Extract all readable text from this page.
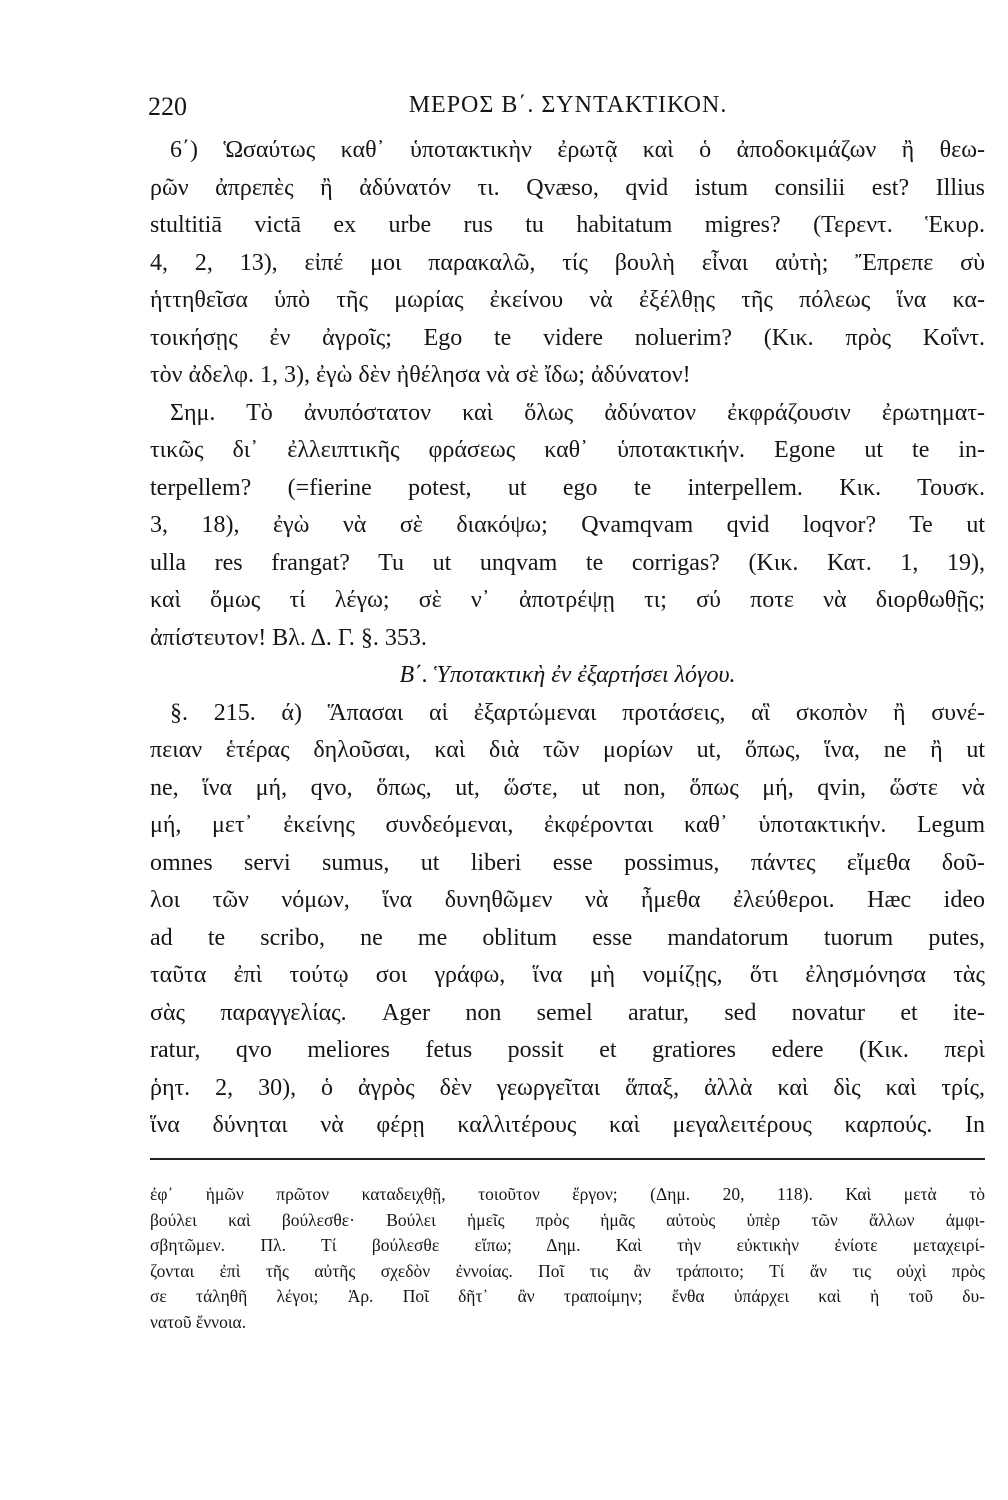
220	ΜΕΡΟΣ Β΄. ΣΥΝΤΑΚΤΙΚΟΝ.
6΄) Ὡσαύτως καθ᾽ ὑποτακτικὴν ἐρωτᾷ καὶ ὁ ἀποδοκιμάζων ἢ θεω-
ρῶν ἀπρεπὲς ἢ ἀδύνατόν τι. Qvæso, qvid istum consilii est? Illius
stultitiā victā ex urbe rus tu habitatum migres? (Τερεντ. Ἑκυρ.
4, 2, 13), εἰπέ μοι παρακαλῶ, τίς βουλὴ εἶναι αὐτὴ; Ἔπρεπε σὺ
ἡττηθεῖσα ὑπὸ τῆς μωρίας ἐκείνου νὰ ἐξέλθῃς τῆς πόλεως ἵνα κα-
τοικήσῃς ἐν ἀγροῖς; Ego te videre noluerim? (Κικ. πρὸς Κοΐντ.
τὸν ἀδελφ. 1, 3), ἐγὼ δὲν ἠθέλησα νὰ σὲ ἴδω; ἀδύνατον!
Σημ. Τὸ ἀνυπόστατον καὶ ὅλως ἀδύνατον ἐκφράζουσιν ἐρωτηματ-
τικῶς δι᾽ ἐλλειπτικῆς φράσεως καθ᾽ ὑποτακτικήν. Egone ut te in-
terpellem? (=fierine potest, ut ego te interpellem. Κικ. Τουσκ.
3, 18), ἐγὼ νὰ σὲ διακόψω; Qvamqvam qvid loqvor? Te ut
ulla res frangat? Tu ut unqvam te corrigas? (Κικ. Κατ. 1, 19),
καὶ ὅμως τί λέγω; σὲ ν᾽ ἀποτρέψῃ τι; σύ ποτε νὰ διορθωθῇς;
ἀπίστευτον! Βλ. Δ. Γ. §. 353.
Β΄. Ὑποτακτικὴ ἐν ἐξαρτήσει λόγου.
§. 215. ά) Ἅπασαι αἱ ἐξαρτώμεναι προτάσεις, αἳ σκοπὸν ἢ συνέ-
πειαν ἑτέρας δηλοῦσαι, καὶ διὰ τῶν μορίων ut, ὅπως, ἵνα, ne ἢ ut
ne, ἵνα μή, qvo, ὅπως, ut, ὥστε, ut non, ὅπως μή, qvin, ὥστε νὰ
μή, μετ᾽ ἐκείνης συνδεόμεναι, ἐκφέρονται καθ᾽ ὑποτακτικήν. Legum
omnes servi sumus, ut liberi esse possimus, πάντες εἴμεθα δοῦ-
λοι τῶν νόμων, ἵνα δυνηθῶμεν νὰ ἦμεθα ἐλεύθεροι. Hæc ideo
ad te scribo, ne me oblitum esse mandatorum tuorum putes,
ταῦτα ἐπὶ τούτῳ σοι γράφω, ἵνα μὴ νομίζῃς, ὅτι ἐλησμόνησα τὰς
σὰς παραγγελίας. Ager non semel aratur, sed novatur et ite-
ratur, qvo meliores fetus possit et gratiores edere (Κικ. περὶ
ῥητ. 2, 30), ὁ ἀγρὸς δὲν γεωργεῖται ἅπαξ, ἀλλὰ καὶ δὶς καὶ τρίς,
ἵνα δύνηται νὰ φέρῃ καλλιτέρους καὶ μεγαλειτέρους καρπούς. In
ἐφ᾽ ἡμῶν πρῶτον καταδειχθῇ, τοιοῦτον ἔργον; (Δημ. 20, 118). Καὶ μετὰ τὸ
βούλει καὶ βούλεσθε· Βούλει ἡμεῖς πρὸς ἡμᾶς αὐτοὺς ὑπὲρ τῶν ἄλλων ἀμφι-
σβητῶμεν. Πλ. Τί βούλεσθε εἴπω; Δημ. Καὶ τὴν εὐκτικὴν ἐνίοτε μεταχειρί-
ζονται ἐπὶ τῆς αὐτῆς σχεδὸν ἐννοίας. Ποῖ τις ἂν τράποιτο; Τί ἄν τις οὐχὶ πρὸς
σε τάληθῆ λέγοι; Ἀρ. Ποῖ δῆτ᾽ ἂν τραποίμην; ἔνθα ὑπάρχει καὶ ἡ τοῦ δυ-
νατοῦ ἔννοια.
